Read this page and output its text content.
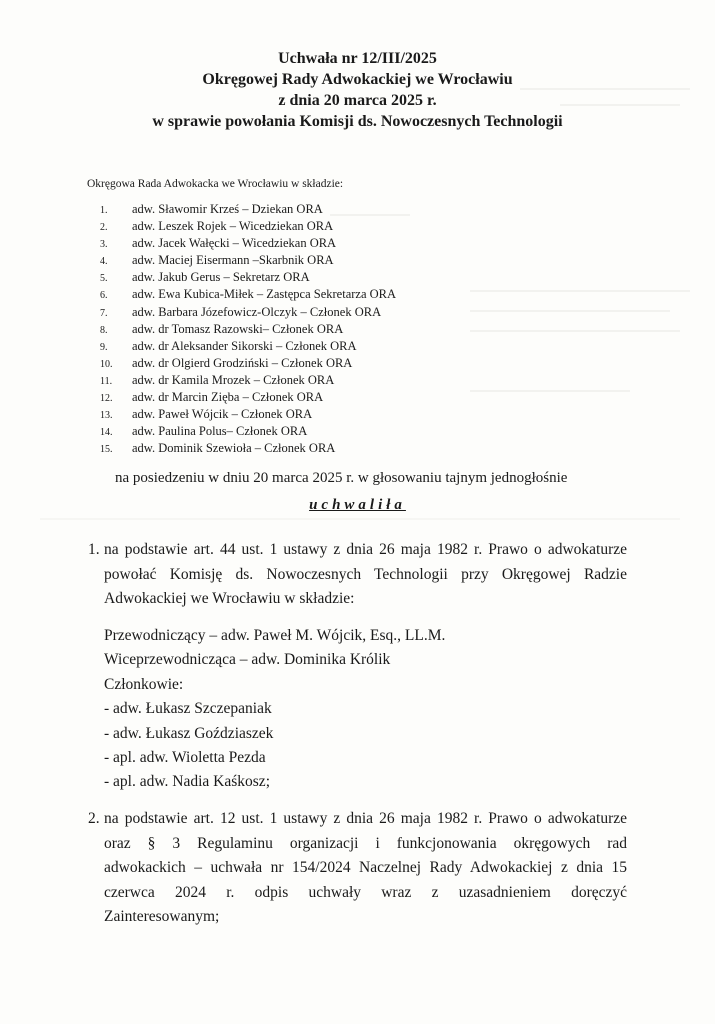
Uchwała nr 12/III/2025
Okręgowej Rady Adwokackiej we Wrocławiu
z dnia 20 marca 2025 r.
w sprawie powołania Komisji ds. Nowoczesnych Technologii
Okręgowa Rada Adwokacka we Wrocławiu w składzie:
1. adw. Sławomir Krześ – Dziekan ORA
2. adw. Leszek Rojek – Wicedziekan ORA
3. adw. Jacek Wałęcki – Wicedziekan ORA
4. adw. Maciej Eisermann –Skarbnik ORA
5. adw. Jakub Gerus – Sekretarz ORA
6. adw. Ewa Kubica-Miłek – Zastępca Sekretarza ORA
7. adw. Barbara Józefowicz-Olczyk – Członek ORA
8. adw. dr Tomasz Razowski– Członek ORA
9. adw. dr Aleksander Sikorski – Członek ORA
10. adw. dr Olgierd Grodziński – Członek ORA
11. adw. dr Kamila Mrozek – Członek ORA
12. adw. dr Marcin Zięba – Członek ORA
13. adw. Paweł Wójcik – Członek ORA
14. adw. Paulina Polus– Członek ORA
15. adw. Dominik Szewioła – Członek ORA
na posiedzeniu w dniu 20 marca 2025 r. w głosowaniu tajnym jednogłośnie
uchwaliła
1. na podstawie art. 44 ust. 1 ustawy z dnia 26 maja 1982 r. Prawo o adwokaturze
powołać Komisję ds. Nowoczesnych Technologii przy Okręgowej Radzie
Adwokackiej we Wrocławiu w składzie:
Przewodniczący – adw. Paweł M. Wójcik, Esq., LL.M.
Wiceprzewodnicząca – adw. Dominika Królik
Członkowie:
- adw. Łukasz Szczepaniak
- adw. Łukasz Goździaszek
- apl. adw. Wioletta Pezda
- apl. adw. Nadia Kaśkosz;
2. na podstawie art. 12 ust. 1 ustawy z dnia 26 maja 1982 r. Prawo o adwokaturze
oraz § 3 Regulaminu organizacji i funkcjonowania okręgowych rad
adwokackich – uchwała nr 154/2024 Naczelnej Rady Adwokackiej z dnia 15
czerwca 2024 r. odpis uchwały wraz z uzasadnieniem doręczyć
Zainteresowanym;
